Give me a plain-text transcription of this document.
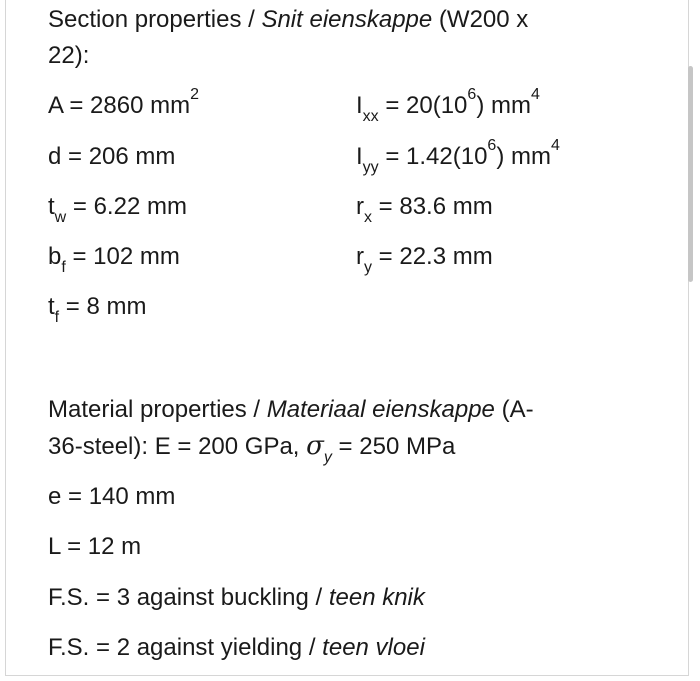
Section properties / Snit eienskappe (W200 x
22):
A = 2860 $mm^2$
d = 206 mm
$t_w = 6.22$ mm
$b_f = 102$ mm
$t_f = 8$ mm
$I_{xx} = 20(10^6)$ $mm^4$
$I_{yy} = 1.42(10^6)$ $mm^4$
$r_x = 83.6$ mm
$r_y = 22.3$ mm
Material properties / Materiaal eienskappe (A-
36-steel): E = 200 GPa, $\sigma_y = 250$ MPa
e = 140 mm
L = 12 m
F.S. = 3 against buckling / teen knik
F.S. = 2 against yielding / teen vloei
